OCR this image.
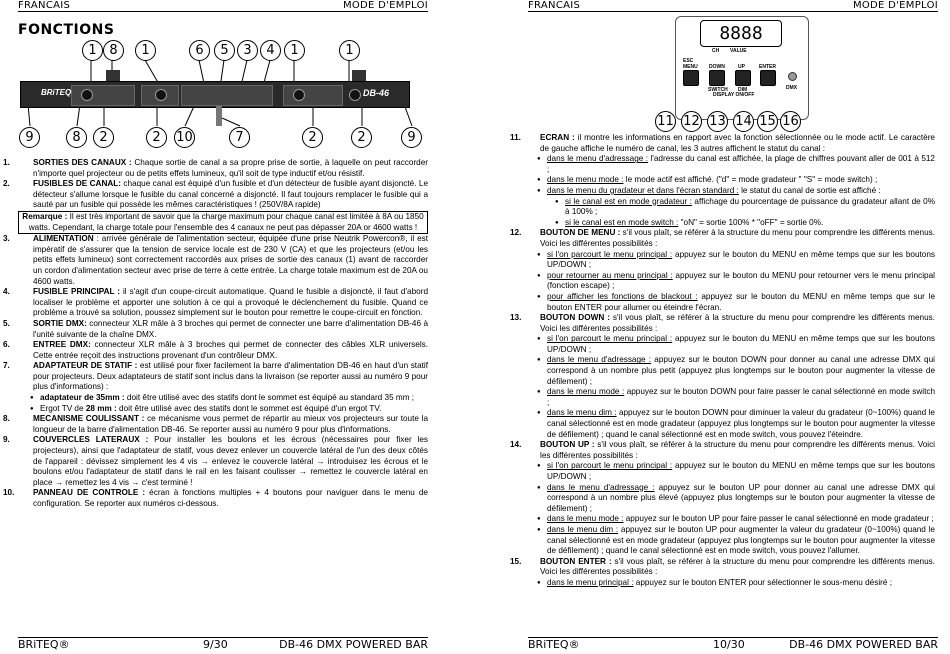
FRANCAIS	MODE D'EMPLOI
FONCTIONS
BRiTEQ	DB-46
1 8	1	6	5	3	4	1	1
9	8	2	2	10	7	2	2	9

1.	SORTIES DES CANAUX : Chaque sortie de canal a sa propre prise de sortie, à laquelle on peut raccorder n'importe quel projecteur ou de petits effets lumineux, qu'il soit de type inductif et/ou résistif.

2.	FUSIBLES DE CANAL: chaque canal est équipé d'un fusible et d'un détecteur de fusible ayant disjoncté. Le détecteur s'allume lorsque le fusible du canal concerné a disjoncté. Il faut toujours remplacer le fusible qui a sauté par un fusible qui possède les mêmes caractéristiques ! (250V/8A rapide)

Remarque : Il est très important de savoir que la charge maximum pour chaque canal est limitée à 8A ou 1850 watts. Cependant, la charge totale pour l'ensemble des 4 canaux ne peut pas dépasser 20A or 4600 watts !

3.	ALIMENTATION : arrivée générale de l'alimentation secteur, équipée d'une prise Neutrik Powercon®, il est impératif de s'assurer que la tension de service locale est de 230 V (CA) et que les projecteurs (et/ou les petits effets lumineux) sont correctement raccordés aux prises de sortie des canaux (1) avant de raccorder un cordon d'alimentation secteur avec prise de terre à cette entrée. La charge totale maximum est de 20A ou 4600 watts.

4.	FUSIBLE PRINCIPAL : il s'agit d'un coupe-circuit automatique. Quand le fusible a disjoncté, il faut d'abord localiser le problème et apporter une solution à ce qui a provoqué le déclenchement du fusible. Quand ce problème a trouvé sa solution, poussez simplement sur le bouton pour remettre le coupe-circuit en fonction.

5.	SORTIE DMX: connecteur XLR mâle à 3 broches qui permet de connecter une barre d'alimentation DB-46 à l'unité suivante de la chaîne DMX.

6.	ENTREE DMX: connecteur XLR mâle à 3 broches qui permet de connecter des câbles XLR universels. Cette entrée reçoit des instructions provenant d'un contrôleur DMX.

7.	ADAPTATEUR DE STATIF : est utilisé pour fixer facilement la barre d'alimentation DB-46 en haut d'un statif pour projecteurs. Deux adaptateurs de statif sont inclus dans la livraison (se reporter aussi au numéro 9 pour plus d'informations) :

● adaptateur de 35mm : doit être utilisé avec des statifs dont le sommet est équipé au standard 35 mm ;

● Ergot TV de 28 mm : doit être utilisé avec des statifs dont le sommet est équipé d'un ergot TV.

8.	MECANISME COULISSANT : ce mécanisme vous permet de répartir au mieux vos projecteurs sur toute la longueur de la barre d'alimentation DB-46. Se reporter aussi au numéro 9 pour plus d'informations.

9.	COUVERCLES LATERAUX : Pour installer les boulons et les écrous (nécessaires pour fixer les projecteurs), ainsi que l'adaptateur de statif, vous devez enlever un couvercle latéral de l'un des deux côtés de l'appareil : dévissez simplement les 4 vis → enlevez le couvercle latéral → introduisez les écrous et le boulons et/ou l'adaptateur de statif dans le rail en les faisant coulisser → remettez le couvercle latéral en place → remettez les 4 vis → c'est terminé !

10. PANNEAU DE CONTROLE : écran à fonctions multiples + 4 boutons pour naviguer dans le menu de configuration. Se reporter aux numéros ci-dessous.

BRiTEQ®	9/30	DB-46 DMX POWERED BAR
FRANCAIS	MODE D'EMPLOI
BRiTEQ®	10/30	DB-46 DMX POWERED BAR
8888
CH VALUE
ESC
MENU DOWN	UP	ENTER
DMX
SWITCH DIM
DISPLAY ON/OFF
11 12 13 14 15 16

11. ECRAN : il montre les informations en rapport avec la fonction sélectionnée ou le mode actif. Le caractère de gauche affiche le numéro de canal, les 3 autres affichent le statut du canal :

● dans le menu d'adressage : l'adresse du canal est affichée, la plage de chiffres pouvant aller de 001 à 512 ;

● dans le menu mode : le mode actif est affiché. ("d" = mode gradateur " "S" = mode switch) ;

● dans le menu du gradateur et dans l'écran standard : le statut du canal de sortie est affiché :

● si le canal est en mode gradateur : affichage du pourcentage de puissance du gradateur allant de 0% à 100% ;

● si le canal est en mode switch : "oN" = sortie 100% * "oFF" = sortie 0%.

12. BOUTON DE MENU : s'il vous plaît, se référer à la structure du menu pour comprendre les différents menus. Voici les différentes possibilités :

● si l'on parcourt le menu principal : appuyez sur le bouton du MENU en même temps que sur les boutons UP/DOWN ;

● pour retourner au menu principal : appuyez sur le bouton du MENU pour retourner vers le menu principal (fonction escape) ;

● pour afficher les fonctions de blackout : appuyez sur le bouton du MENU en même temps que sur le bouton ENTER pour allumer ou éteindre l'écran.

13. BOUTON DOWN : s'il vous plaît, se référer à la structure du menu pour comprendre les différents menus. Voici les différentes possibilités :

● si l'on parcourt le menu principal : appuyez sur le bouton du MENU en même temps que sur les boutons UP/DOWN ;

● dans le menu d'adressage : appuyez sur le bouton DOWN pour donner au canal une adresse DMX qui correspond à un nombre plus petit (appuyez plus longtemps sur le bouton pour augmenter la vitesse de défilement) ;

● dans le menu mode : appuyez sur le bouton DOWN pour faire passer le canal sélectionné en mode switch ;

● dans le menu dim : appuyez sur le bouton DOWN pour diminuer la valeur du gradateur (0~100%) quand le canal sélectionné est en mode gradateur (appuyez plus longtemps sur le bouton pour augmenter la vitesse de défilement) ; quand le canal sélectionné est en mode switch, vous pouvez l'éteindre.

14. BOUTON UP : s'il vous plaît, se référer à la structure du menu pour comprendre les différents menus. Voici les différentes possibilités :

● si l'on parcourt le menu principal : appuyez sur le bouton du MENU en même temps que sur les boutons UP/DOWN ;

● dans le menu d'adressage : appuyez sur le bouton UP pour donner au canal une adresse DMX qui correspond à un nombre plus élevé (appuyez plus longtemps sur le bouton pour augmenter la vitesse de défilement) ;

● dans le menu mode : appuyez sur le bouton UP pour faire passer le canal sélectionné en mode gradateur ;

● dans le menu dim : appuyez sur le bouton UP pour augmenter la valeur du gradateur (0~100%) quand le canal sélectionné est en mode gradateur (appuyez plus longtemps sur le bouton pour augmenter la vitesse de défilement) ; quand le canal sélectionné est en mode switch, vous pouvez l'allumer.

15. BOUTON ENTER : s'il vous plaît, se référer à la structure du menu pour comprendre les différents menus. Voici les différentes possibilités :

● dans le menu principal : appuyez sur le bouton ENTER pour sélectionner le sous-menu désiré ;
